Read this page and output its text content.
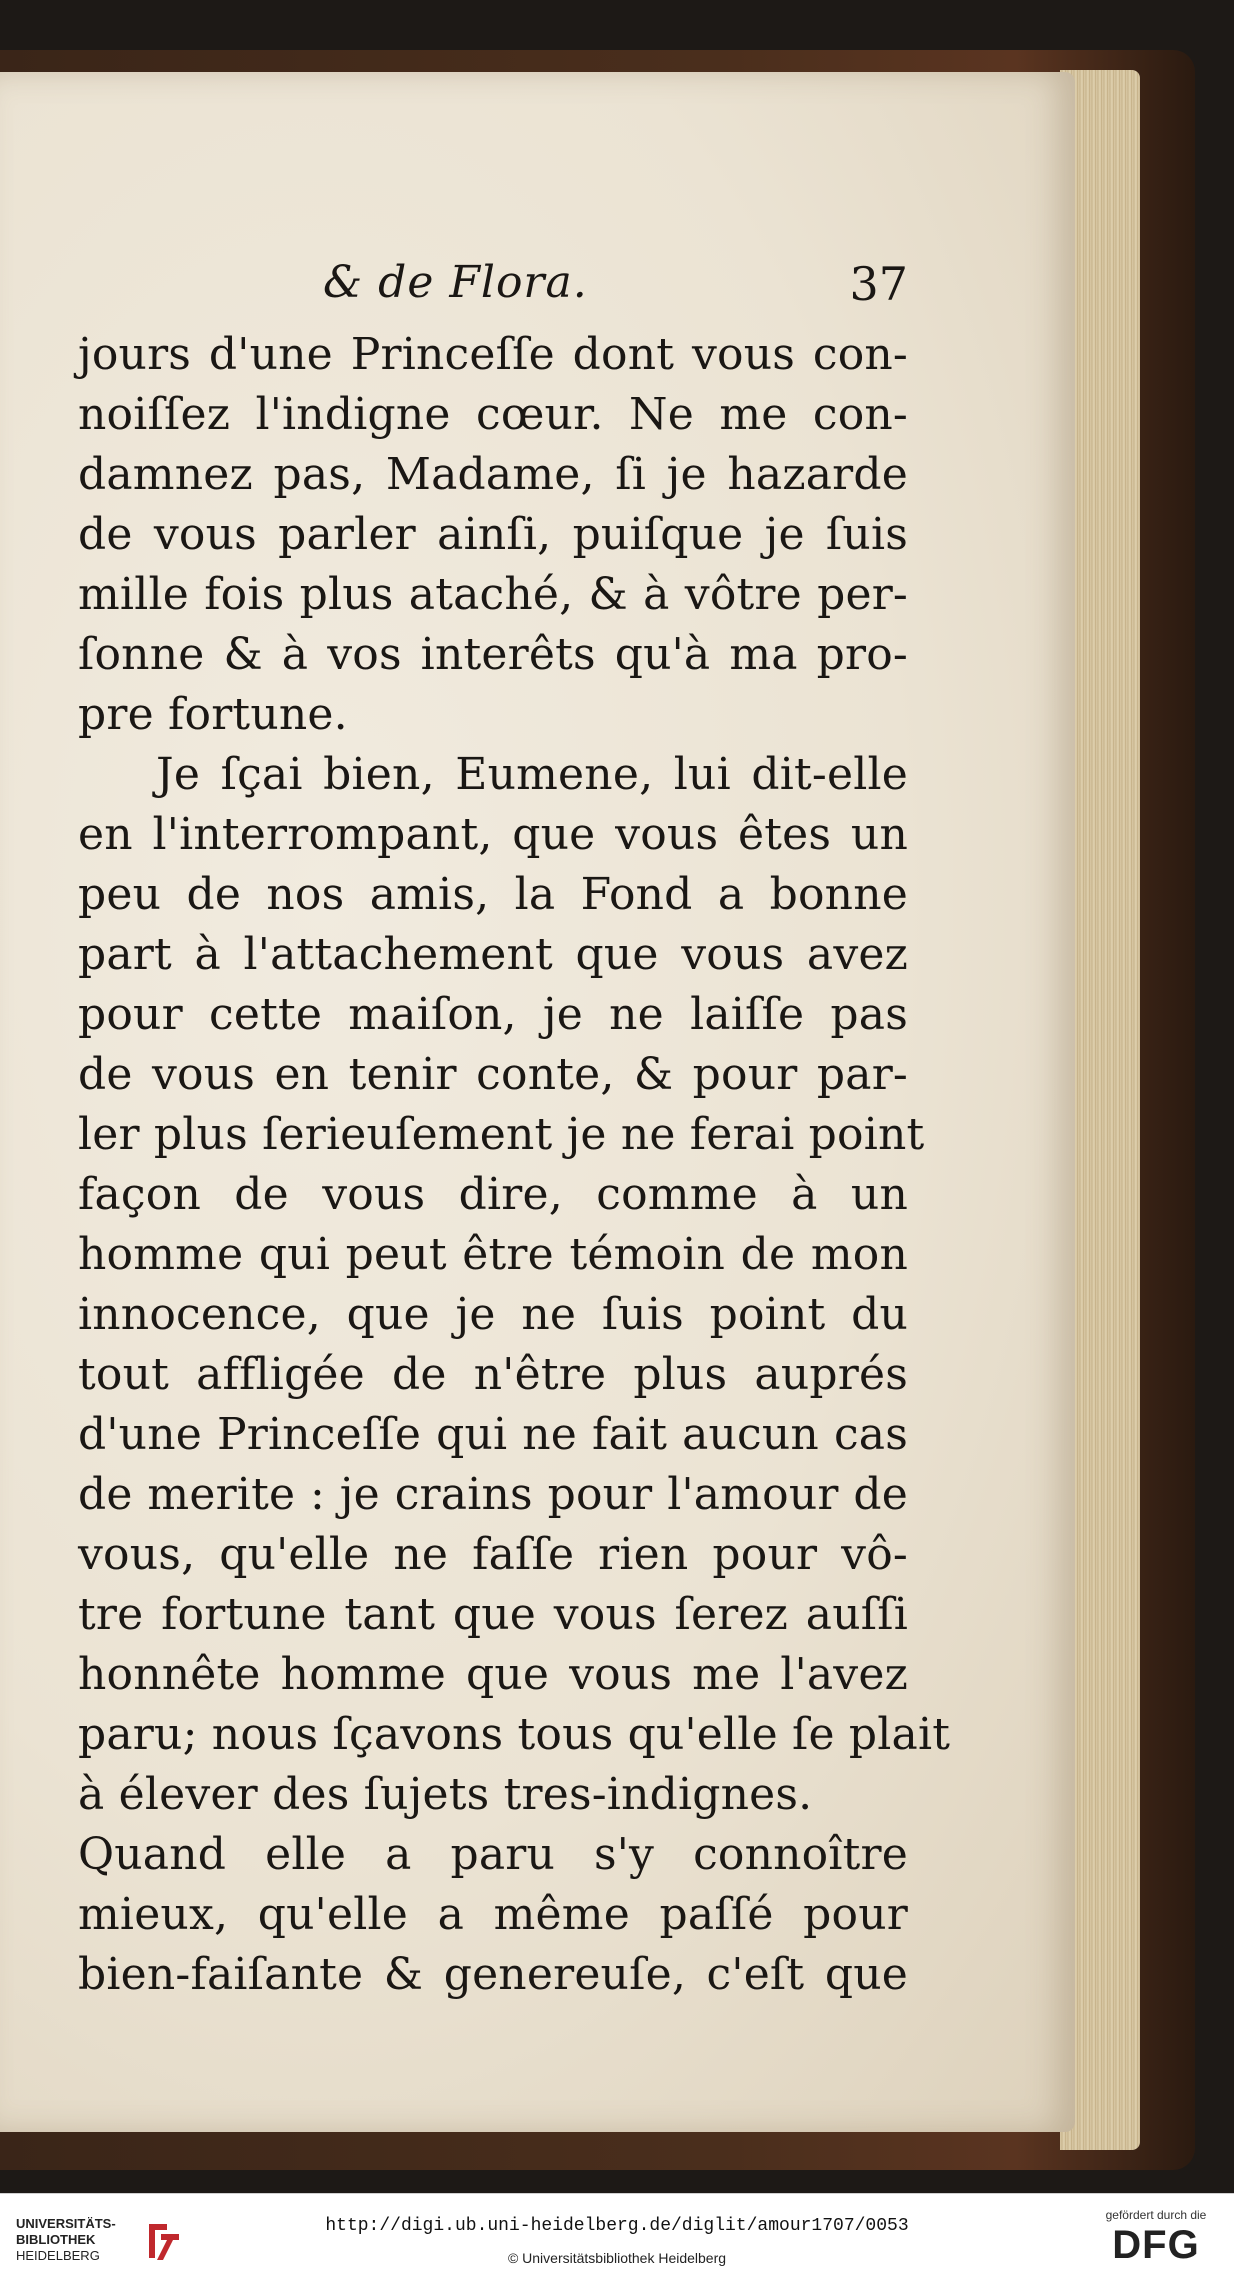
& de Flora.	37
jours d'une Princeſſe dont vous con-
noiſſez l'indigne cœur. Ne me con-
damnez pas, Madame, ſi je hazarde
de vous parler ainſi, puiſque je ſuis
mille fois plus ataché, & à vôtre per-
ſonne & à vos interêts qu'à ma pro-
pre fortune.
Je ſçai bien, Eumene, lui dit-elle
en l'interrompant, que vous êtes un
peu de nos amis, la Fond a bonne
part à l'attachement que vous avez
pour cette maiſon, je ne laiſſe pas
de vous en tenir conte, & pour par-
ler plus ſerieuſement je ne ferai point
façon de vous dire, comme à un
homme qui peut être témoin de mon
innocence, que je ne ſuis point du
tout affligée de n'être plus auprés
d'une Princeſſe qui ne fait aucun cas
de merite : je crains pour l'amour de
vous, qu'elle ne faſſe rien pour vô-
tre fortune tant que vous ſerez auſſi
honnête homme que vous me l'avez
paru; nous ſçavons tous qu'elle ſe plait
à élever des ſujets tres-indignes.
Quand elle a paru s'y connoître
mieux, qu'elle a même paſſé pour
bien-faiſante & genereuſe, c'eſt que
UNIVERSITÄTS-
BIBLIOTHEK
HEIDELBERG
http://digi.ub.uni-heidelberg.de/diglit/amour1707/0053
© Universitätsbibliothek Heidelberg
gefördert durch die
DFG
